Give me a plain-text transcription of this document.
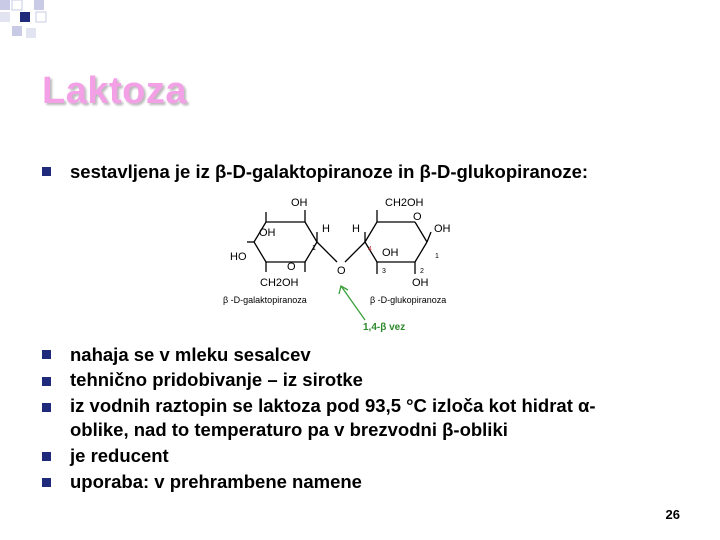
Laktoza
sestavljena je iz β-D-galaktopiranoze in β-D-glukopiranoze:
OH
OH
HO
O
CH2OH
H H
O
CH2OH
O
OH
OH
OH
1	4
3	2
1
β -D-galaktopiranoza	β -D-glukopiranoza
1,4-β vez
nahaja se v mleku sesalcev
tehnično pridobivanje – iz sirotke
iz vodnih raztopin se laktoza pod 93,5 °C izloča kot hidrat α-
oblike, nad to temperaturo pa v brezvodni β-obliki
je reducent
uporaba: v prehrambene namene
26
